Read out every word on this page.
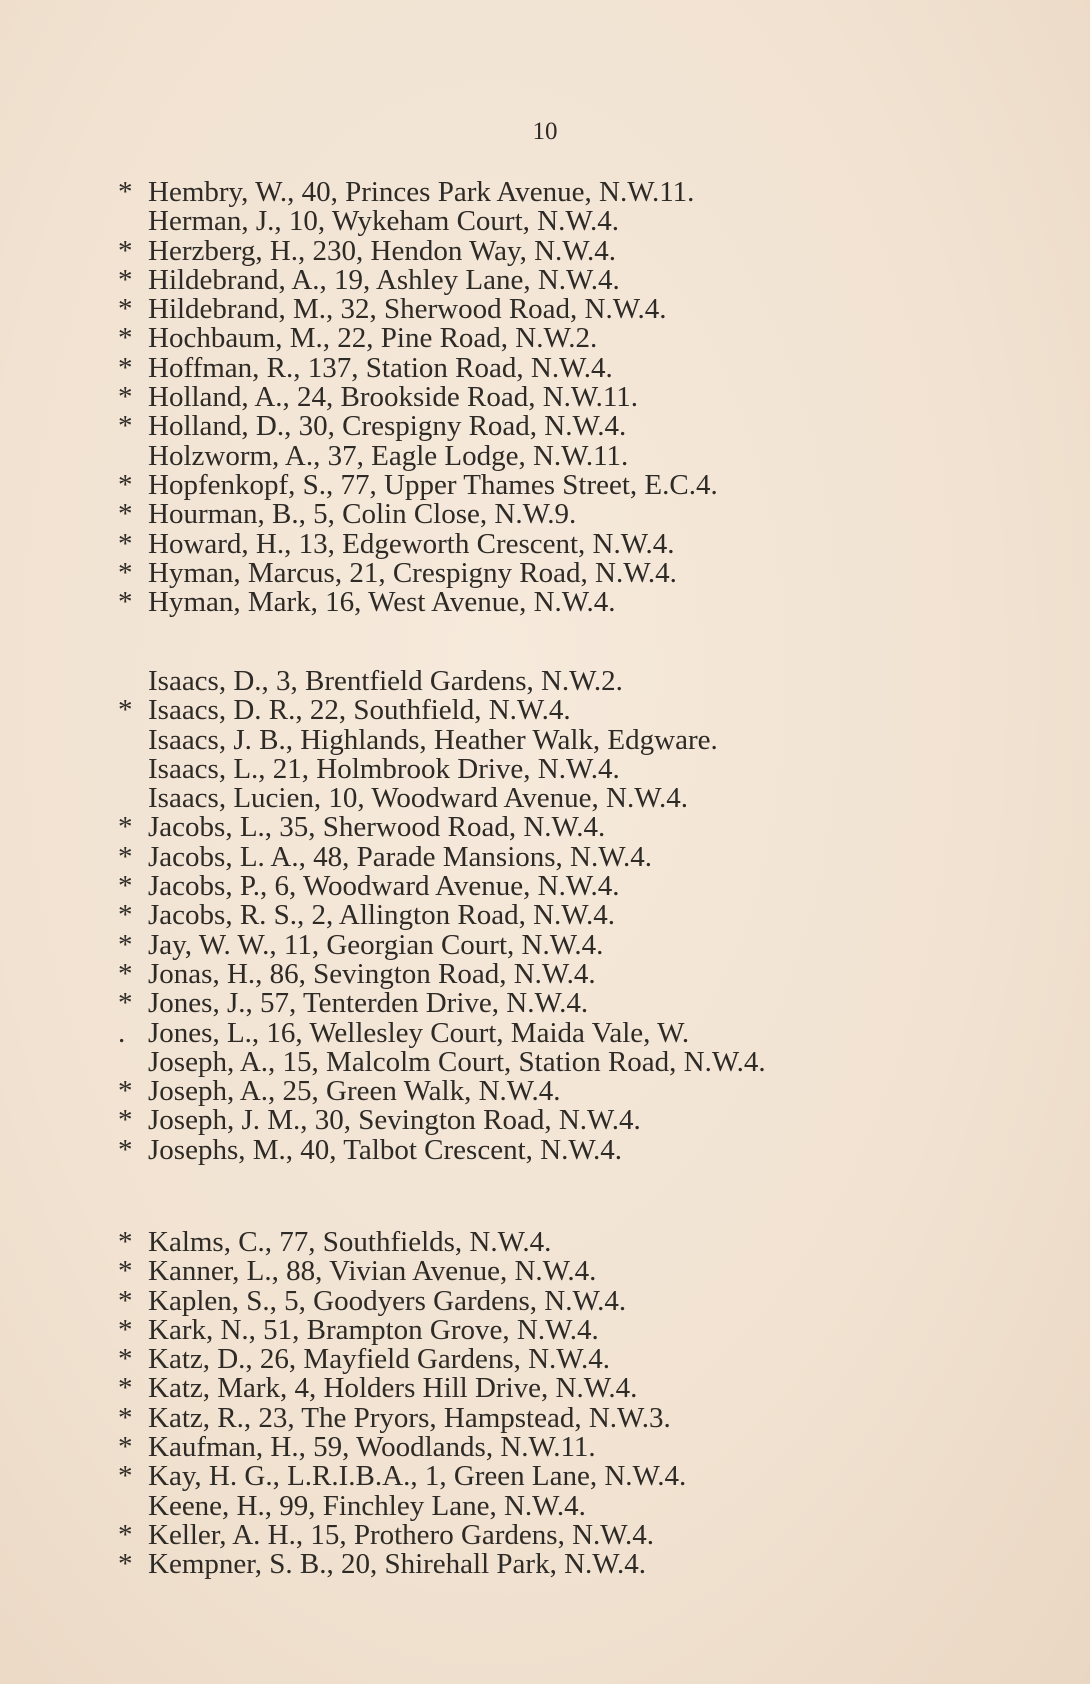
10
* Hembry, W., 40, Princes Park Avenue, N.W.11.
Herman, J., 10, Wykeham Court, N.W.4.
* Herzberg, H., 230, Hendon Way, N.W.4.
* Hildebrand, A., 19, Ashley Lane, N.W.4.
* Hildebrand, M., 32, Sherwood Road, N.W.4.
* Hochbaum, M., 22, Pine Road, N.W.2.
* Hoffman, R., 137, Station Road, N.W.4.
* Holland, A., 24, Brookside Road, N.W.11.
* Holland, D., 30, Crespigny Road, N.W.4.
Holzworm, A., 37, Eagle Lodge, N.W.11.
* Hopfenkopf, S., 77, Upper Thames Street, E.C.4.
* Hourman, B., 5, Colin Close, N.W.9.
* Howard, H., 13, Edgeworth Crescent, N.W.4.
* Hyman, Marcus, 21, Crespigny Road, N.W.4.
* Hyman, Mark, 16, West Avenue, N.W.4.
Isaacs, D., 3, Brentfield Gardens, N.W.2.
* Isaacs, D. R., 22, Southfield, N.W.4.
Isaacs, J. B., Highlands, Heather Walk, Edgware.
Isaacs, L., 21, Holmbrook Drive, N.W.4.
Isaacs, Lucien, 10, Woodward Avenue, N.W.4.
* Jacobs, L., 35, Sherwood Road, N.W.4.
* Jacobs, L. A., 48, Parade Mansions, N.W.4.
* Jacobs, P., 6, Woodward Avenue, N.W.4.
* Jacobs, R. S., 2, Allington Road, N.W.4.
* Jay, W. W., 11, Georgian Court, N.W.4.
* Jonas, H., 86, Sevington Road, N.W.4.
* Jones, J., 57, Tenterden Drive, N.W.4.
. Jones, L., 16, Wellesley Court, Maida Vale, W.
Joseph, A., 15, Malcolm Court, Station Road, N.W.4.
* Joseph, A., 25, Green Walk, N.W.4.
* Joseph, J. M., 30, Sevington Road, N.W.4.
* Josephs, M., 40, Talbot Crescent, N.W.4.
* Kalms, C., 77, Southfields, N.W.4.
* Kanner, L., 88, Vivian Avenue, N.W.4.
* Kaplen, S., 5, Goodyers Gardens, N.W.4.
* Kark, N., 51, Brampton Grove, N.W.4.
* Katz, D., 26, Mayfield Gardens, N.W.4.
* Katz, Mark, 4, Holders Hill Drive, N.W.4.
* Katz, R., 23, The Pryors, Hampstead, N.W.3.
* Kaufman, H., 59, Woodlands, N.W.11.
* Kay, H. G., L.R.I.B.A., 1, Green Lane, N.W.4.
Keene, H., 99, Finchley Lane, N.W.4.
* Keller, A. H., 15, Prothero Gardens, N.W.4.
* Kempner, S. B., 20, Shirehall Park, N.W.4.
